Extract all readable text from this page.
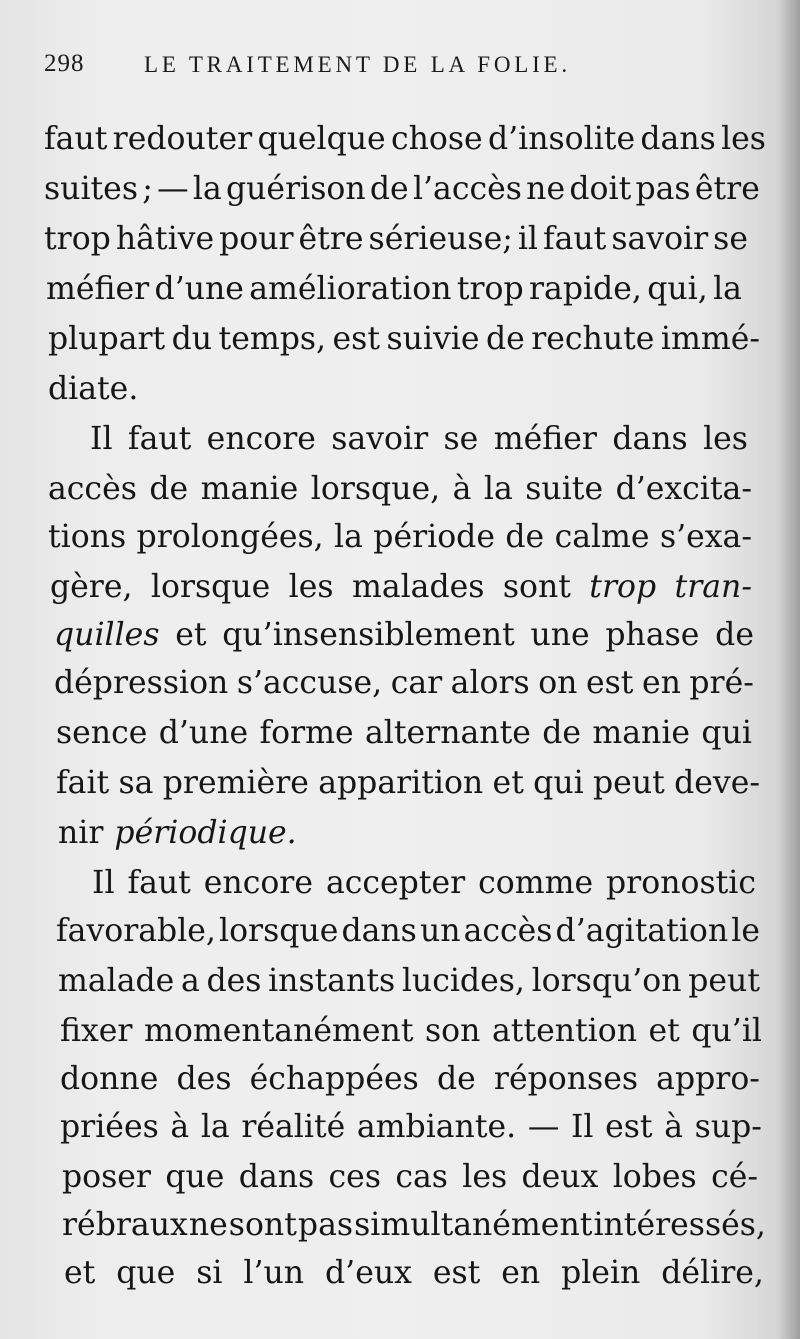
298	LE TRAITEMENT DE LA FOLIE.
faut redouter quelque chose d’insolite dans les
suites ; — la guérison de l’accès ne doit pas être
trop hâtive pour être sérieuse; il faut savoir se
méfier d’une amélioration trop rapide, qui, la
plupart du temps, est suivie de rechute immé-
diate.
Il faut encore savoir se méfier dans les
accès de manie lorsque, à la suite d’excita-
tions prolongées, la période de calme s’exa-
gère, lorsque les malades sont trop tran-
quilles et qu’insensiblement une phase de
dépression s’accuse, car alors on est en pré-
sence d’une forme alternante de manie qui
fait sa première apparition et qui peut deve-
nir périodique.
Il faut encore accepter comme pronostic
favorable, lorsque dans un accès d’agitation le
malade a des instants lucides, lorsqu’on peut
fixer momentanément son attention et qu’il
donne des échappées de réponses appro-
priées à la réalité ambiante. — Il est à sup-
poser que dans ces cas les deux lobes cé-
rébraux ne sont pas simultanément intéressés,
et que si l’un d’eux est en plein délire,
